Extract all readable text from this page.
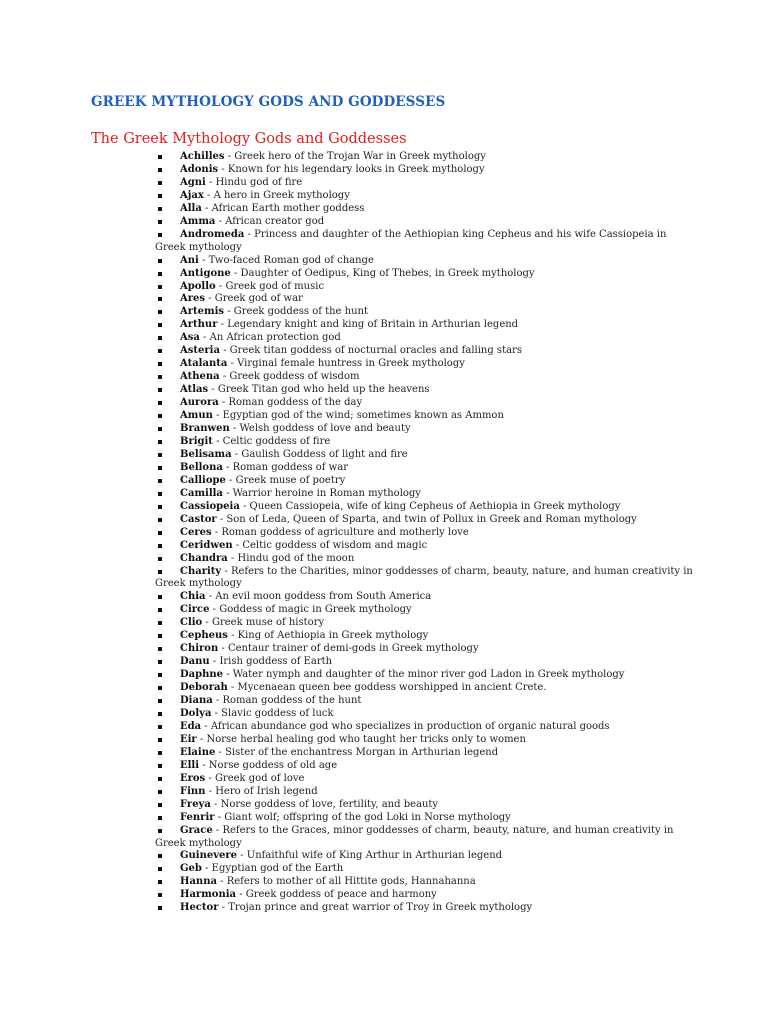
GREEK MYTHOLOGY GODS AND GODDESSES
The Greek Mythology Gods and Goddesses
Achilles - Greek hero of the Trojan War in Greek mythology
Adonis - Known for his legendary looks in Greek mythology
Agni - Hindu god of fire
Ajax - A hero in Greek mythology
Alla - African Earth mother goddess
Amma - African creator god
Andromeda - Princess and daughter of the Aethiopian king Cepheus and his wife Cassiopeia in Greek mythology
Ani - Two-faced Roman god of change
Antigone - Daughter of Oedipus, King of Thebes, in Greek mythology
Apollo - Greek god of music
Ares - Greek god of war
Artemis - Greek goddess of the hunt
Arthur - Legendary knight and king of Britain in Arthurian legend
Asa - An African protection god
Asteria - Greek titan goddess of nocturnal oracles and falling stars
Atalanta - Virginal female huntress in Greek mythology
Athena - Greek goddess of wisdom
Atlas - Greek Titan god who held up the heavens
Aurora - Roman goddess of the day
Amun - Egyptian god of the wind; sometimes known as Ammon
Branwen - Welsh goddess of love and beauty
Brigit - Celtic goddess of fire
Belisama - Gaulish Goddess of light and fire
Bellona - Roman goddess of war
Calliope - Greek muse of poetry
Camilla - Warrior heroine in Roman mythology
Cassiopeia - Queen Cassiopeia, wife of king Cepheus of Aethiopia in Greek mythology
Castor - Son of Leda, Queen of Sparta, and twin of Pollux in Greek and Roman mythology
Ceres - Roman goddess of agriculture and motherly love
Ceridwen - Celtic goddess of wisdom and magic
Chandra - Hindu god of the moon
Charity - Refers to the Charities, minor goddesses of charm, beauty, nature, and human creativity in Greek mythology
Chia - An evil moon goddess from South America
Circe - Goddess of magic in Greek mythology
Clio - Greek muse of history
Cepheus - King of Aethiopia in Greek mythology
Chiron - Centaur trainer of demi-gods in Greek mythology
Danu - Irish goddess of Earth
Daphne - Water nymph and daughter of the minor river god Ladon in Greek mythology
Deborah - Mycenaean queen bee goddess worshipped in ancient Crete.
Diana - Roman goddess of the hunt
Dolya - Slavic goddess of luck
Eda - African abundance god who specializes in production of organic natural goods
Eir - Norse herbal healing god who taught her tricks only to women
Elaine - Sister of the enchantress Morgan in Arthurian legend
Elli - Norse goddess of old age
Eros - Greek god of love
Finn - Hero of Irish legend
Freya - Norse goddess of love, fertility, and beauty
Fenrir - Giant wolf; offspring of the god Loki in Norse mythology
Grace - Refers to the Graces, minor goddesses of charm, beauty, nature, and human creativity in Greek mythology
Guinevere - Unfaithful wife of King Arthur in Arthurian legend
Geb - Egyptian god of the Earth
Hanna - Refers to mother of all Hittite gods, Hannahanna
Harmonia - Greek goddess of peace and harmony
Hector - Trojan prince and great warrior of Troy in Greek mythology
